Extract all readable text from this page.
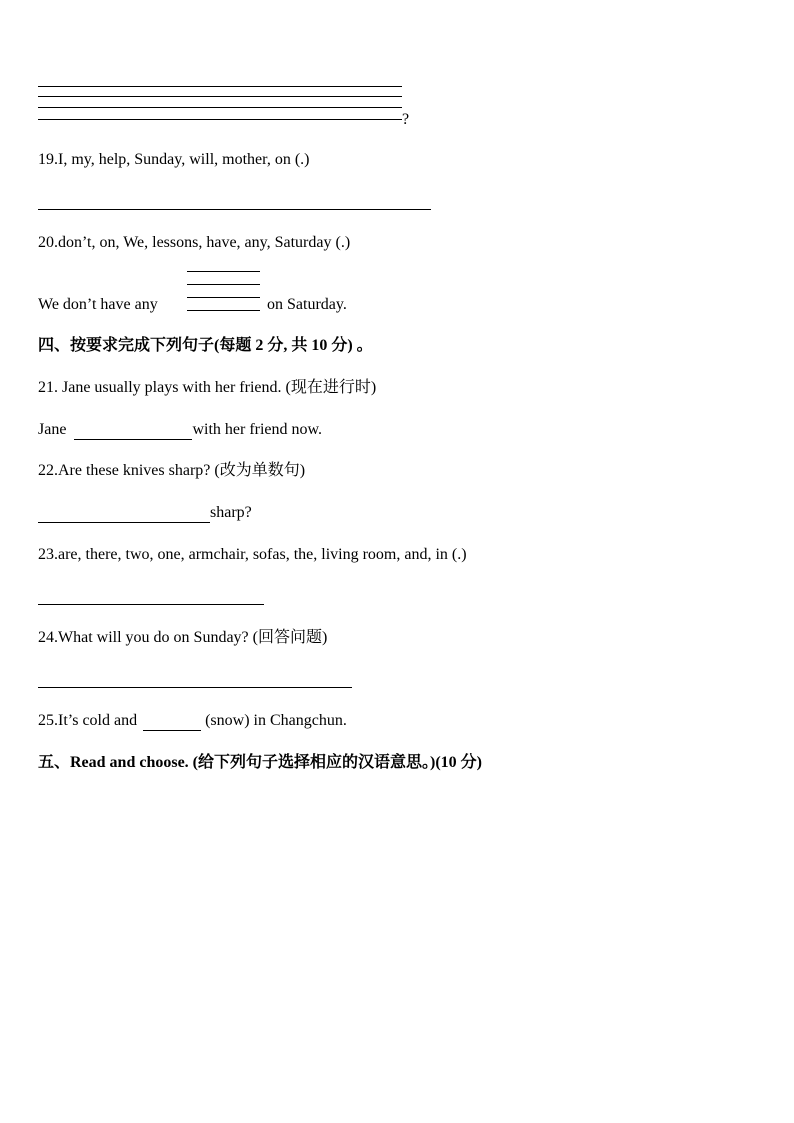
?
19.I, my, help, Sunday, will, mother, on (.)
20.don’t, on, We, lessons, have, any, Saturday (.)
We don’t have any	on Saturday.
四、按要求完成下列句子(每题 2 分, 共 10 分) 。
21. Jane usually plays with her friend. (现在进行时)
Jane	with her friend now.
22.Are these knives sharp? (改为单数句)
sharp?
23.are, there, two, one, armchair, sofas, the, living room, and, in (.)
24.What will you do on Sunday? (回答问题)
25.It’s cold and	(snow) in Changchun.
五、Read and choose. (给下列句子选择相应的汉语意思。)(10 分)
